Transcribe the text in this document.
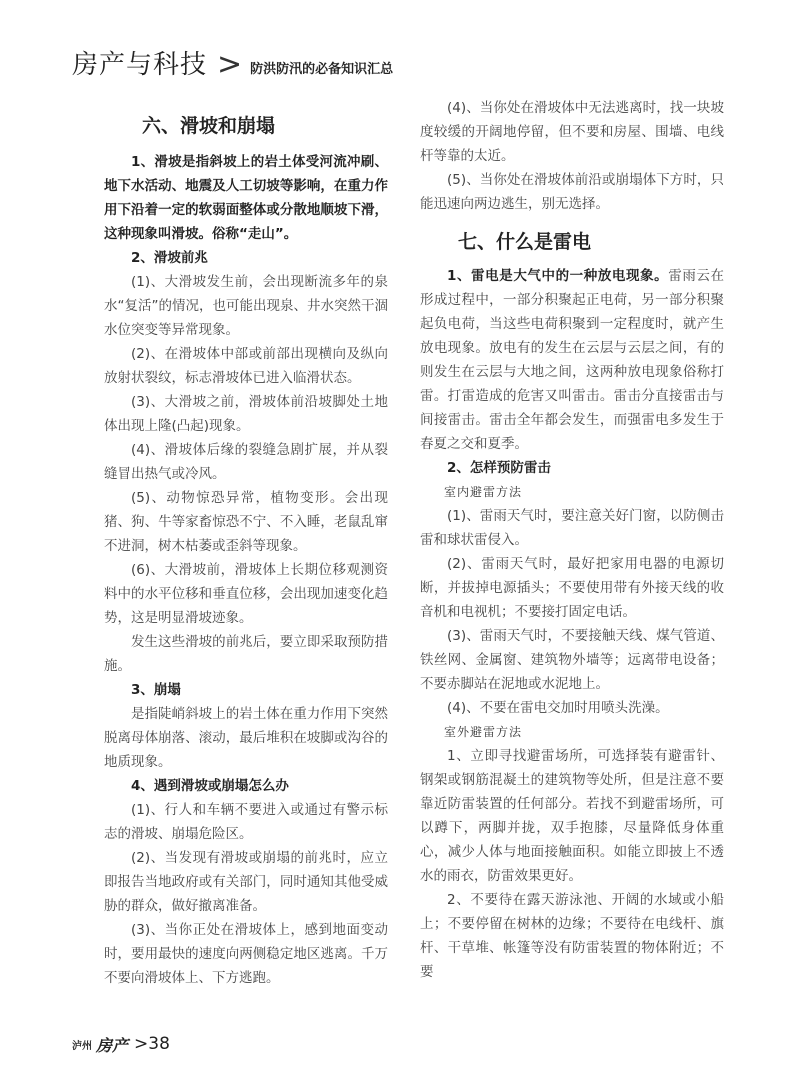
房产与科技 > 防洪防汛的必备知识汇总

六、滑坡和崩塌

1、滑坡是指斜坡上的岩土体受河流冲刷、地下水活动、地震及人工切坡等影响，在重力作用下沿着一定的软弱面整体或分散地顺坡下滑，这种现象叫滑坡。俗称“走山”。

2、滑坡前兆

(1)、大滑坡发生前，会出现断流多年的泉水“复活”的情况，也可能出现泉、井水突然干涸水位突变等异常现象。

(2)、在滑坡体中部或前部出现横向及纵向放射状裂纹，标志滑坡体已进入临滑状态。

(3)、大滑坡之前，滑坡体前沿坡脚处土地体出现上隆(凸起)现象。

(4)、滑坡体后缘的裂缝急剧扩展，并从裂缝冒出热气或冷风。

(5)、动物惊恐异常，植物变形。会出现猪、狗、牛等家畜惊恐不宁、不入睡，老鼠乱窜不进洞，树木枯萎或歪斜等现象。

(6)、大滑坡前，滑坡体上长期位移观测资料中的水平位移和垂直位移，会出现加速变化趋势，这是明显滑坡迹象。

发生这些滑坡的前兆后，要立即采取预防措施。

3、崩塌

是指陡峭斜坡上的岩土体在重力作用下突然脱离母体崩落、滚动，最后堆积在坡脚或沟谷的地质现象。

4、遇到滑坡或崩塌怎么办

(1)、行人和车辆不要进入或通过有警示标志的滑坡、崩塌危险区。

(2)、当发现有滑坡或崩塌的前兆时，应立即报告当地政府或有关部门，同时通知其他受威胁的群众，做好撤离准备。

(3)、当你正处在滑坡体上，感到地面变动时，要用最快的速度向两侧稳定地区逃离。千万不要向滑坡体上、下方逃跑。

(4)、当你处在滑坡体中无法逃离时，找一块坡度较缓的开阔地停留，但不要和房屋、围墙、电线杆等靠的太近。

(5)、当你处在滑坡体前沿或崩塌体下方时，只能迅速向两边逃生，别无选择。

七、什么是雷电

1、雷电是大气中的一种放电现象。雷雨云在形成过程中，一部分积聚起正电荷，另一部分积聚起负电荷，当这些电荷积聚到一定程度时，就产生放电现象。放电有的发生在云层与云层之间，有的则发生在云层与大地之间，这两种放电现象俗称打雷。打雷造成的危害又叫雷击。雷击分直接雷击与间接雷击。雷击全年都会发生，而强雷电多发生于春夏之交和夏季。

2、怎样预防雷击

室内避雷方法

(1)、雷雨天气时，要注意关好门窗，以防侧击雷和球状雷侵入。

(2)、雷雨天气时，最好把家用电器的电源切断，并拔掉电源插头；不要使用带有外接天线的收音机和电视机；不要接打固定电话。

(3)、雷雨天气时，不要接触天线、煤气管道、铁丝网、金属窗、建筑物外墙等；远离带电设备；不要赤脚站在泥地或水泥地上。

(4)、不要在雷电交加时用喷头洗澡。

室外避雷方法

1、立即寻找避雷场所，可选择装有避雷针、钢架或钢筋混凝土的建筑物等处所，但是注意不要靠近防雷装置的任何部分。若找不到避雷场所，可以蹲下，两脚并拢，双手抱膝，尽量降低身体重心，减少人体与地面接触面积。如能立即披上不透水的雨衣，防雷效果更好。

2、不要待在露天游泳池、开阔的水域或小船上；不要停留在树林的边缘；不要待在电线杆、旗杆、干草堆、帐篷等没有防雷装置的物体附近；不要

泸州 房产 >38
